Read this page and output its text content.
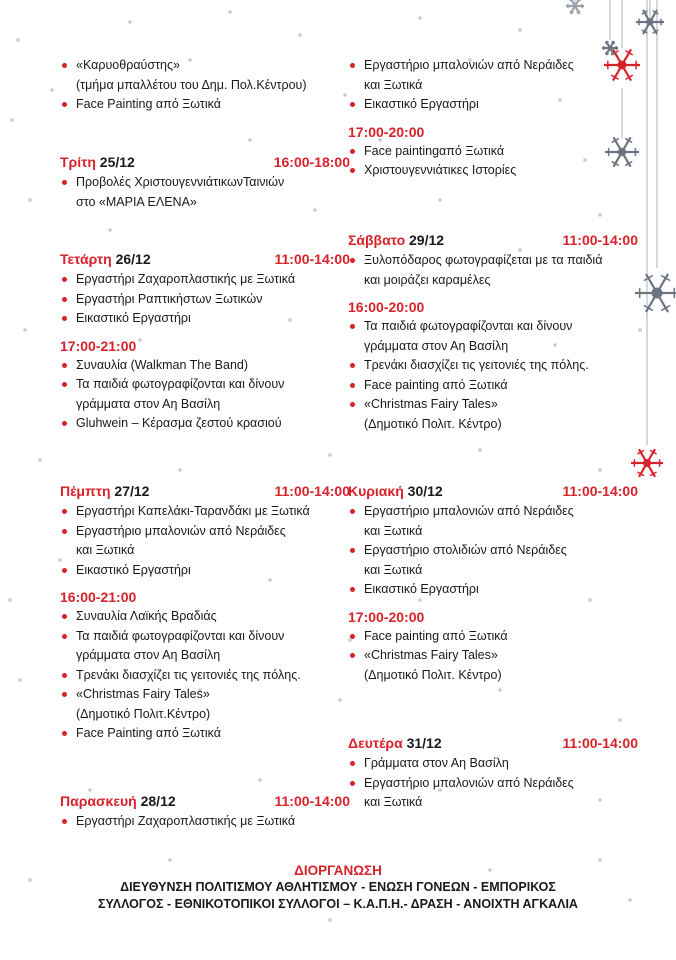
«Καρυοθραύστης»
(τμήμα μπαλλέτου του Δημ. Πολ.Κέντρου)
Face Painting από Ξωτικά
Τρίτη 25/12	16:00-18:00
Προβολές ΧριστουγεννιάτικωνΤαινιών
στο «ΜΑΡΙΑ ΕΛΕΝΑ»
Τετάρτη 26/12	11:00-14:00
Εργαστήρι Ζαχαροπλαστικής με Ξωτικά
Εργαστήρι Ραπτικήστων Ξωτικών
Εικαστικό Εργαστήρι
17:00-21:00
Συναυλία (Walkman The Band)
Τα παιδιά φωτογραφίζονται και δίνουν
γράμματα στον Αη Βασίλη
Gluhwein – Κέρασμα ζεστού κρασιού
Πέμπτη 27/12	11:00-14:00
Εργαστήρι Καπελάκι-Ταρανδάκι με Ξωτικά
Εργαστήριο μπαλονιών από Νεράιδες
και Ξωτικά
Εικαστικό Εργαστήρι
16:00-21:00
Συναυλία Λαϊκής Βραδιάς
Τα παιδιά φωτογραφίζονται και δίνουν
γράμματα στον Αη Βασίλη
Τρενάκι διασχίζει τις γειτονιές της πόλης.
«Christmas Fairy Tales»
(Δημοτικό Πολιτ.Κέντρο)
Face Painting από Ξωτικά
Παρασκευή 28/12	11:00-14:00
Εργαστήρι Ζαχαροπλαστικής με Ξωτικά
Εργαστήριο μπαλονιών από Νεράιδες
και Ξωτικά
Εικαστικό Εργαστήρι
17:00-20:00
Face paintingαπό Ξωτικά
Χριστουγεννιάτικες Ιστορίες
Σάββατο 29/12	11:00-14:00
Ξυλοπόδαρος φωτογραφίζεται με τα παιδιά
και μοιράζει καραμέλες
16:00-20:00
Τα παιδιά φωτογραφίζονται και δίνουν
γράμματα στον Αη Βασίλη
Τρενάκι διασχίζει τις γειτονιές της πόλης.
Face painting από Ξωτικά
«Christmas Fairy Tales»
(Δημοτικό Πολιτ. Κέντρο)
Κυριακή 30/12	11:00-14:00
Εργαστήριο μπαλονιών από Νεράιδες
και Ξωτικά
Εργαστήριο στολιδιών από Νεράιδες
και Ξωτικά
Εικαστικό Εργαστήρι
17:00-20:00
Face painting από Ξωτικά
«Christmas Fairy Tales»
(Δημοτικό Πολιτ. Κέντρο)
Δευτέρα 31/12	11:00-14:00
Γράμματα στον Αη Βασίλη
Εργαστήριο μπαλονιών από Νεράιδες
και Ξωτικά
ΔΙΟΡΓΑΝΩΣΗ
ΔΙΕΥΘΥΝΣΗ ΠΟΛΙΤΙΣΜΟΥ ΑΘΛΗΤΙΣΜΟΥ - ΕΝΩΣΗ ΓΟΝΕΩΝ - ΕΜΠΟΡΙΚΟΣ
ΣΥΛΛΟΓΟΣ - ΕΘΝΙΚΟΤΟΠΙΚΟΙ ΣΥΛΛΟΓΟΙ – Κ.Α.Π.Η.- ΔΡΑΣΗ - ΑΝΟΙΧΤΗ ΑΓΚΑΛΙΑ
